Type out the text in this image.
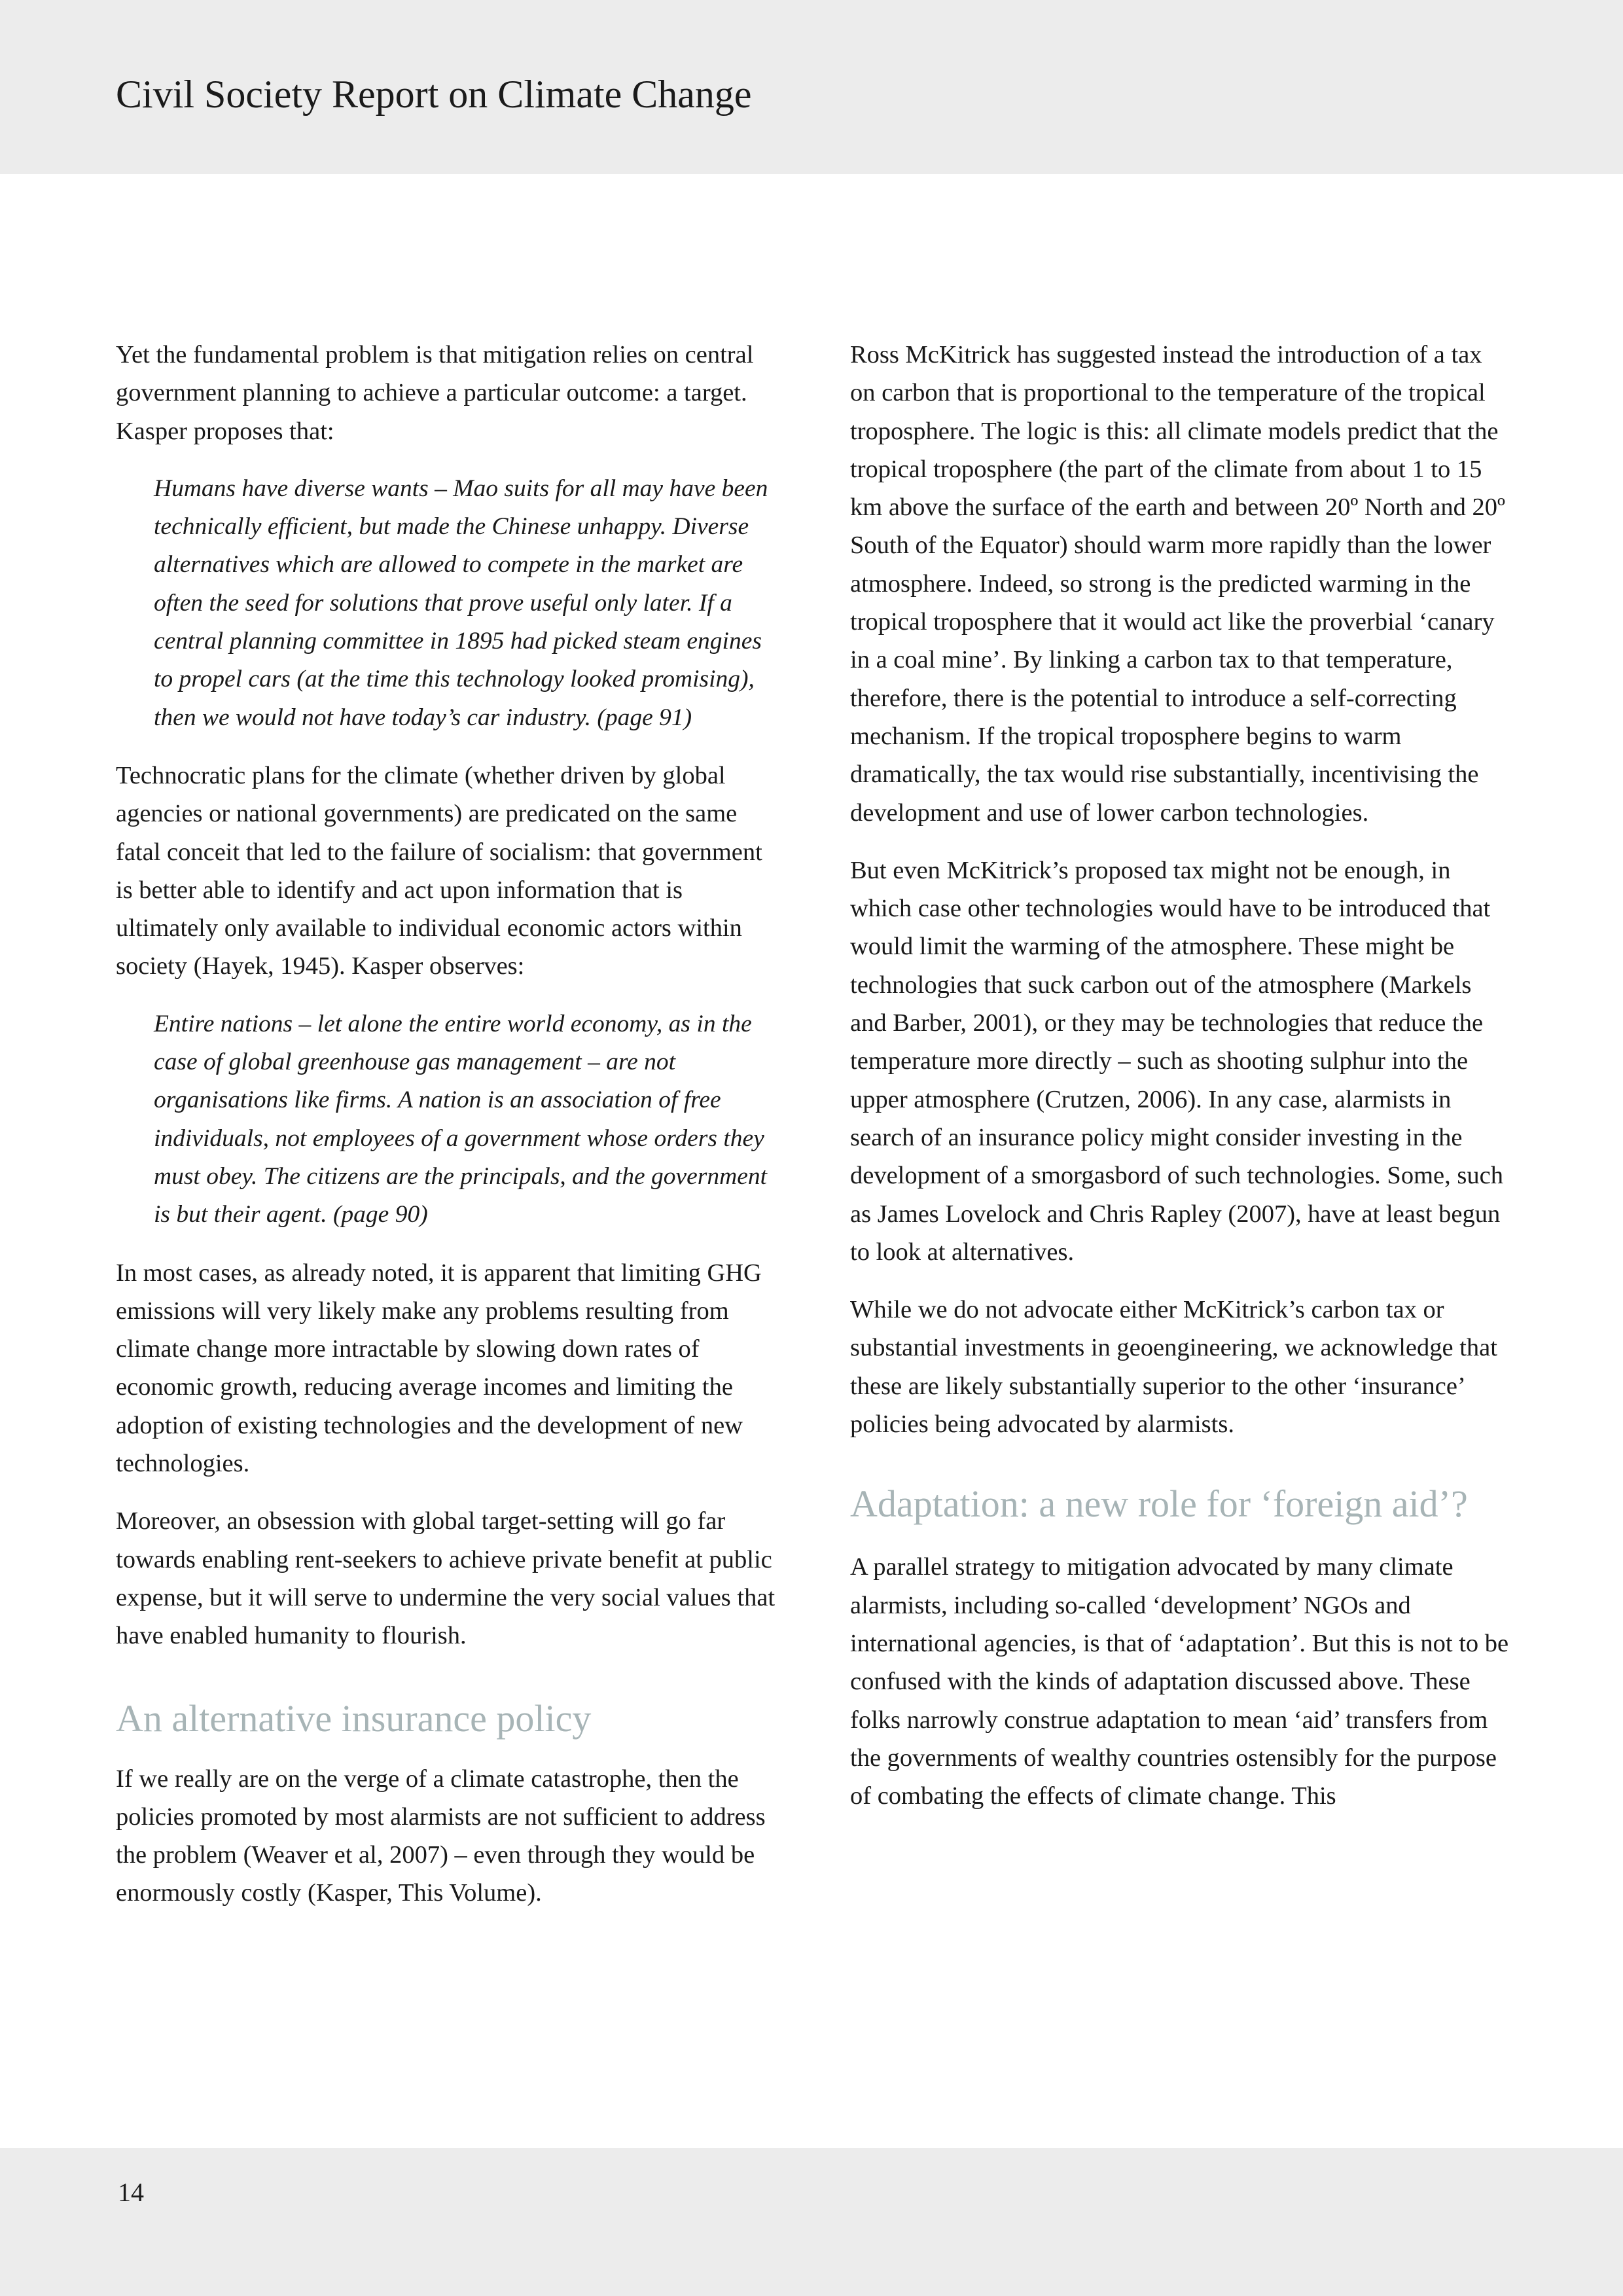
Civil Society Report on Climate Change

Yet the fundamental problem is that mitigation relies on central government planning to achieve a particular outcome: a target. Kasper proposes that:

Humans have diverse wants – Mao suits for all may have been technically efficient, but made the Chinese unhappy. Diverse alternatives which are allowed to compete in the market are often the seed for solutions that prove useful only later. If a central planning committee in 1895 had picked steam engines to propel cars (at the time this technology looked promising), then we would not have today’s car industry. (page 91)

Technocratic plans for the climate (whether driven by global agencies or national governments) are predicated on the same fatal conceit that led to the failure of socialism: that government is better able to identify and act upon information that is ultimately only available to individual economic actors within society (Hayek, 1945). Kasper observes:

Entire nations – let alone the entire world economy, as in the case of global greenhouse gas management – are not organisations like firms. A nation is an association of free individuals, not employees of a government whose orders they must obey. The citizens are the principals, and the government is but their agent. (page 90)

In most cases, as already noted, it is apparent that limiting GHG emissions will very likely make any problems resulting from climate change more intractable by slowing down rates of economic growth, reducing average incomes and limiting the adoption of existing technologies and the development of new technologies.

Moreover, an obsession with global target-setting will go far towards enabling rent-seekers to achieve private benefit at public expense, but it will serve to undermine the very social values that have enabled humanity to flourish.

An alternative insurance policy

If we really are on the verge of a climate catastrophe, then the policies promoted by most alarmists are not sufficient to address the problem (Weaver et al, 2007) – even through they would be enormously costly (Kasper, This Volume).

Ross McKitrick has suggested instead the introduction of a tax on carbon that is proportional to the temperature of the tropical troposphere. The logic is this: all climate models predict that the tropical troposphere (the part of the climate from about 1 to 15 km above the surface of the earth and between 20º North and 20º South of the Equator) should warm more rapidly than the lower atmosphere. Indeed, so strong is the predicted warming in the tropical troposphere that it would act like the proverbial ‘canary in a coal mine’. By linking a carbon tax to that temperature, therefore, there is the potential to introduce a self-correcting mechanism. If the tropical troposphere begins to warm dramatically, the tax would rise substantially, incentivising the development and use of lower carbon technologies.

But even McKitrick’s proposed tax might not be enough, in which case other technologies would have to be introduced that would limit the warming of the atmosphere. These might be technologies that suck carbon out of the atmosphere (Markels and Barber, 2001), or they may be technologies that reduce the temperature more directly – such as shooting sulphur into the upper atmosphere (Crutzen, 2006). In any case, alarmists in search of an insurance policy might consider investing in the development of a smorgasbord of such technologies. Some, such as James Lovelock and Chris Rapley (2007), have at least begun to look at alternatives.

While we do not advocate either McKitrick’s carbon tax or substantial investments in geoengineering, we acknowledge that these are likely substantially superior to the other ‘insurance’ policies being advocated by alarmists.

Adaptation: a new role for ‘foreign aid’?

A parallel strategy to mitigation advocated by many climate alarmists, including so-called ‘development’ NGOs and international agencies, is that of ‘adaptation’. But this is not to be confused with the kinds of adaptation discussed above. These folks narrowly construe adaptation to mean ‘aid’ transfers from the governments of wealthy countries ostensibly for the purpose of combating the effects of climate change. This

14
